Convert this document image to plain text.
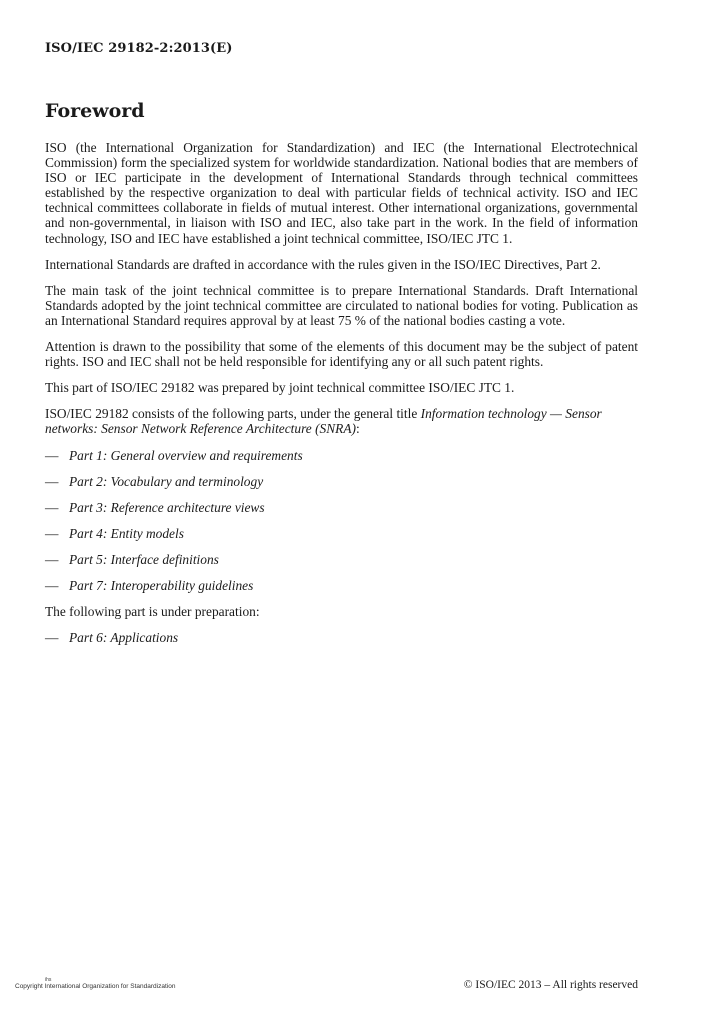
ISO/IEC 29182-2:2013(E)
Foreword

ISO (the International Organization for Standardization) and IEC (the International Electrotechnical Commission) form the specialized system for worldwide standardization. National bodies that are members of ISO or IEC participate in the development of International Standards through technical committees established by the respective organization to deal with particular fields of technical activity. ISO and IEC technical committees collaborate in fields of mutual interest. Other international organizations, governmental and non-governmental, in liaison with ISO and IEC, also take part in the work. In the field of information technology, ISO and IEC have established a joint technical committee, ISO/IEC JTC 1.

International Standards are drafted in accordance with the rules given in the ISO/IEC Directives, Part 2.

The main task of the joint technical committee is to prepare International Standards. Draft International Standards adopted by the joint technical committee are circulated to national bodies for voting. Publication as an International Standard requires approval by at least 75 % of the national bodies casting a vote.

Attention is drawn to the possibility that some of the elements of this document may be the subject of patent rights. ISO and IEC shall not be held responsible for identifying any or all such patent rights.

This part of ISO/IEC 29182 was prepared by joint technical committee ISO/IEC JTC 1.

ISO/IEC 29182 consists of the following parts, under the general title Information technology — Sensor networks: Sensor Network Reference Architecture (SNRA):

— Part 1: General overview and requirements
— Part 2: Vocabulary and terminology
— Part 3: Reference architecture views
— Part 4: Entity models
— Part 5: Interface definitions
— Part 7: Interoperability guidelines

The following part is under preparation:

— Part 6: Applications
ihs
Copyright International Organization for Standardization	© ISO/IEC 2013 – All rights reserved
